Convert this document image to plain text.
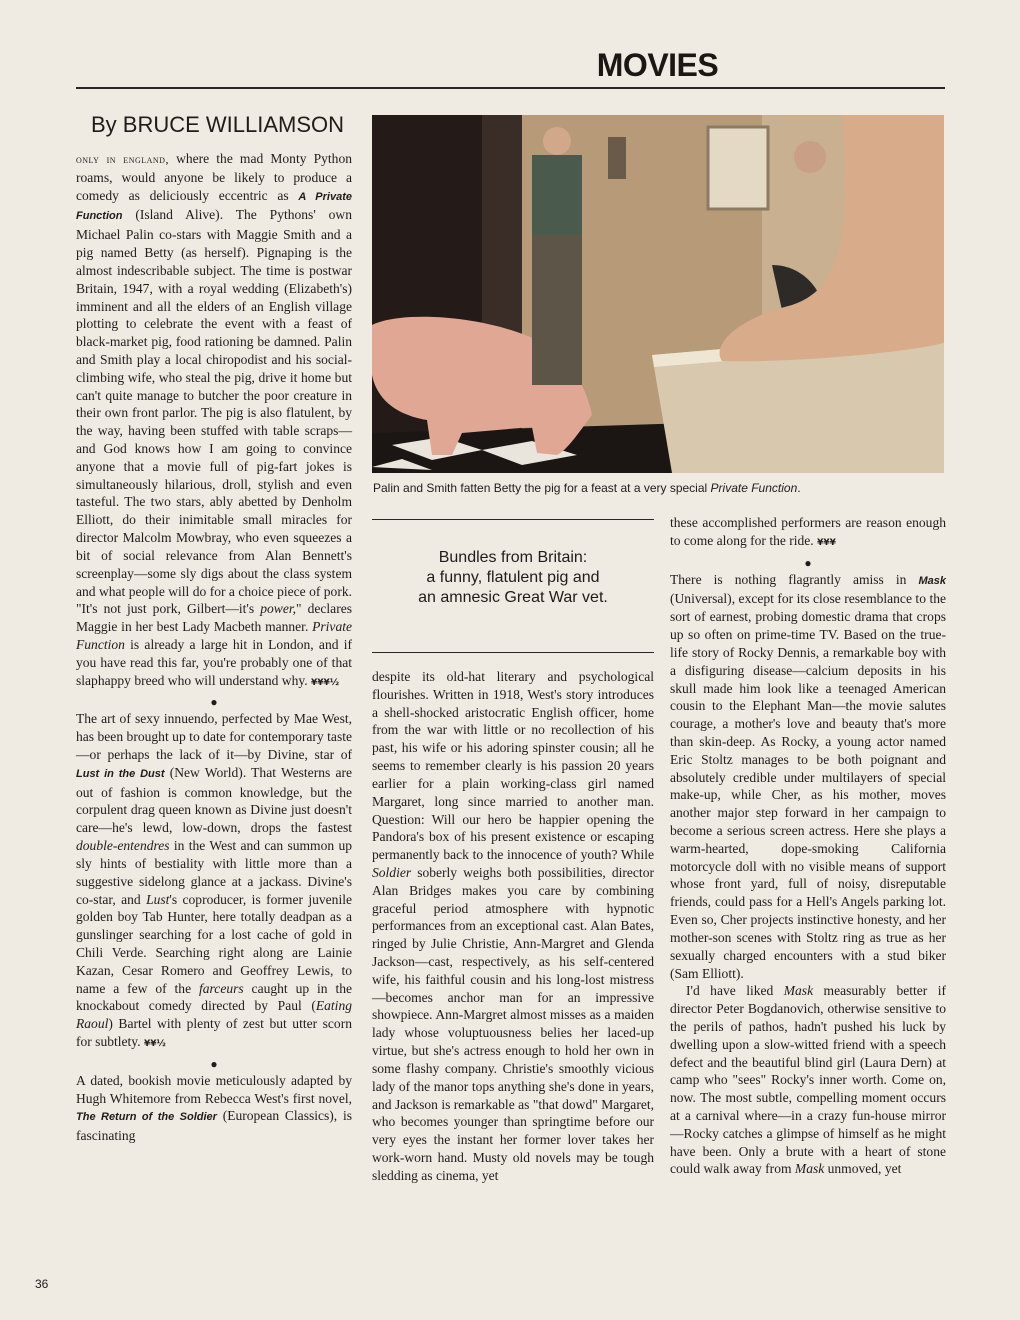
MOVIES
By BRUCE WILLIAMSON

only in england, where the mad Monty Python roams, would anyone be likely to produce a comedy as deliciously eccentric as A Private Function (Island Alive). The Pythons' own Michael Palin co-stars with Maggie Smith and a pig named Betty (as herself). Pignaping is the almost indescribable subject. The time is postwar Britain, 1947, with a royal wedding (Elizabeth's) imminent and all the elders of an English village plotting to celebrate the event with a feast of black-market pig, food rationing be damned. Palin and Smith play a local chiropodist and his social-climbing wife, who steal the pig, drive it home but can't quite manage to butcher the poor creature in their own front parlor. The pig is also flatulent, by the way, having been stuffed with table scraps—and God knows how I am going to convince anyone that a movie full of pig-fart jokes is simultaneously hilarious, droll, stylish and even tasteful. The two stars, ably abetted by Denholm Elliott, do their inimitable small miracles for director Malcolm Mowbray, who even squeezes a bit of social relevance from Alan Bennett's screenplay—some sly digs about the class system and what people will do for a choice piece of pork. "It's not just pork, Gilbert—it's power," declares Maggie in her best Lady Macbeth manner. Private Function is already a large hit in London, and if you have read this far, you're probably one of that slaphappy breed who will understand why. ¥¥¥½

●

The art of sexy innuendo, perfected by Mae West, has been brought up to date for contemporary taste—or perhaps the lack of it—by Divine, star of Lust in the Dust (New World). That Westerns are out of fashion is common knowledge, but the corpulent drag queen known as Divine just doesn't care—he's lewd, low-down, drops the fastest double-entendres in the West and can summon up sly hints of bestiality with little more than a suggestive sidelong glance at a jackass. Divine's co-star, and Lust's coproducer, is former juvenile golden boy Tab Hunter, here totally deadpan as a gunslinger searching for a lost cache of gold in Chili Verde. Searching right along are Lainie Kazan, Cesar Romero and Geoffrey Lewis, to name a few of the farceurs caught up in the knockabout comedy directed by Paul (Eating Raoul) Bartel with plenty of zest but utter scorn for subtlety. ¥¥½

●

A dated, bookish movie meticulously adapted by Hugh Whitemore from Rebecca West's first novel, The Return of the Soldier (European Classics), is fascinating

Palin and Smith fatten Betty the pig for a feast at a very special Private Function.
Bundles from Britain:
a funny, flatulent pig and
an amnesic Great War vet.

despite its old-hat literary and psychological flourishes. Written in 1918, West's story introduces a shell-shocked aristocratic English officer, home from the war with little or no recollection of his past, his wife or his adoring spinster cousin; all he seems to remember clearly is his passion 20 years earlier for a plain working-class girl named Margaret, long since married to another man. Question: Will our hero be happier opening the Pandora's box of his present existence or escaping permanently back to the innocence of youth? While Soldier soberly weighs both possibilities, director Alan Bridges makes you care by combining graceful period atmosphere with hypnotic performances from an exceptional cast. Alan Bates, ringed by Julie Christie, Ann-Margret and Glenda Jackson—cast, respectively, as his self-centered wife, his faithful cousin and his long-lost mistress—becomes anchor man for an impressive showpiece. Ann-Margret almost misses as a maiden lady whose voluptuousness belies her laced-up virtue, but she's actress enough to hold her own in some flashy company. Christie's smoothly vicious lady of the manor tops anything she's done in years, and Jackson is remarkable as "that dowd" Margaret, who becomes younger than springtime before our very eyes the instant her former lover takes her work-worn hand. Musty old novels may be tough sledding as cinema, yet

these accomplished performers are reason enough to come along for the ride. ¥¥¥

●

There is nothing flagrantly amiss in Mask (Universal), except for its close resemblance to the sort of earnest, probing domestic drama that crops up so often on prime-time TV. Based on the true-life story of Rocky Dennis, a remarkable boy with a disfiguring disease—calcium deposits in his skull made him look like a teenaged American cousin to the Elephant Man—the movie salutes courage, a mother's love and beauty that's more than skin-deep. As Rocky, a young actor named Eric Stoltz manages to be both poignant and absolutely credible under multilayers of special make-up, while Cher, as his mother, moves another major step forward in her campaign to become a serious screen actress. Here she plays a warm-hearted, dope-smoking California motorcycle doll with no visible means of support whose front yard, full of noisy, disreputable friends, could pass for a Hell's Angels parking lot. Even so, Cher projects instinctive honesty, and her mother-son scenes with Stoltz ring as true as her sexually charged encounters with a stud biker (Sam Elliott).

I'd have liked Mask measurably better if director Peter Bogdanovich, otherwise sensitive to the perils of pathos, hadn't pushed his luck by dwelling upon a slow-witted friend with a speech defect and the beautiful blind girl (Laura Dern) at camp who "sees" Rocky's inner worth. Come on, now. The most subtle, compelling moment occurs at a carnival where—in a crazy fun-house mirror—Rocky catches a glimpse of himself as he might have been. Only a brute with a heart of stone could walk away from Mask unmoved, yet

36
